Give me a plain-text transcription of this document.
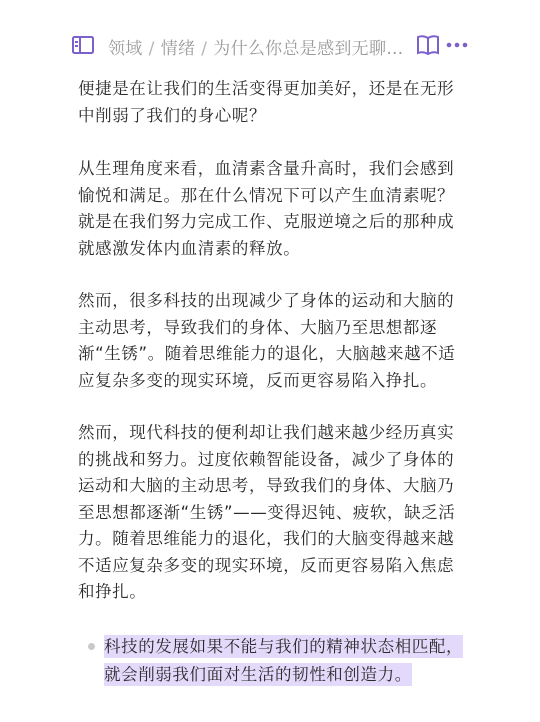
领域 / 情绪 / 为什么你总是感到无聊…

便捷是在让我们的生活变得更加美好，还是在无形中削弱了我们的身心呢？

从生理角度来看，血清素含量升高时，我们会感到愉悦和满足。那在什么情况下可以产生血清素呢？就是在我们努力完成工作、克服逆境之后的那种成就感激发体内血清素的释放。

然而，很多科技的出现减少了身体的运动和大脑的主动思考，导致我们的身体、大脑乃至思想都逐渐“生锈”。随着思维能力的退化，大脑越来越不适应复杂多变的现实环境，反而更容易陷入挣扎。

然而，现代科技的便利却让我们越来越少经历真实的挑战和努力。过度依赖智能设备，减少了身体的运动和大脑的主动思考，导致我们的身体、大脑乃至思想都逐渐“生锈”——变得迟钝、疲软，缺乏活力。随着思维能力的退化，我们的大脑变得越来越不适应复杂多变的现实环境，反而更容易陷入焦虑和挣扎。

科技的发展如果不能与我们的精神状态相匹配，就会削弱我们面对生活的韧性和创造力。
